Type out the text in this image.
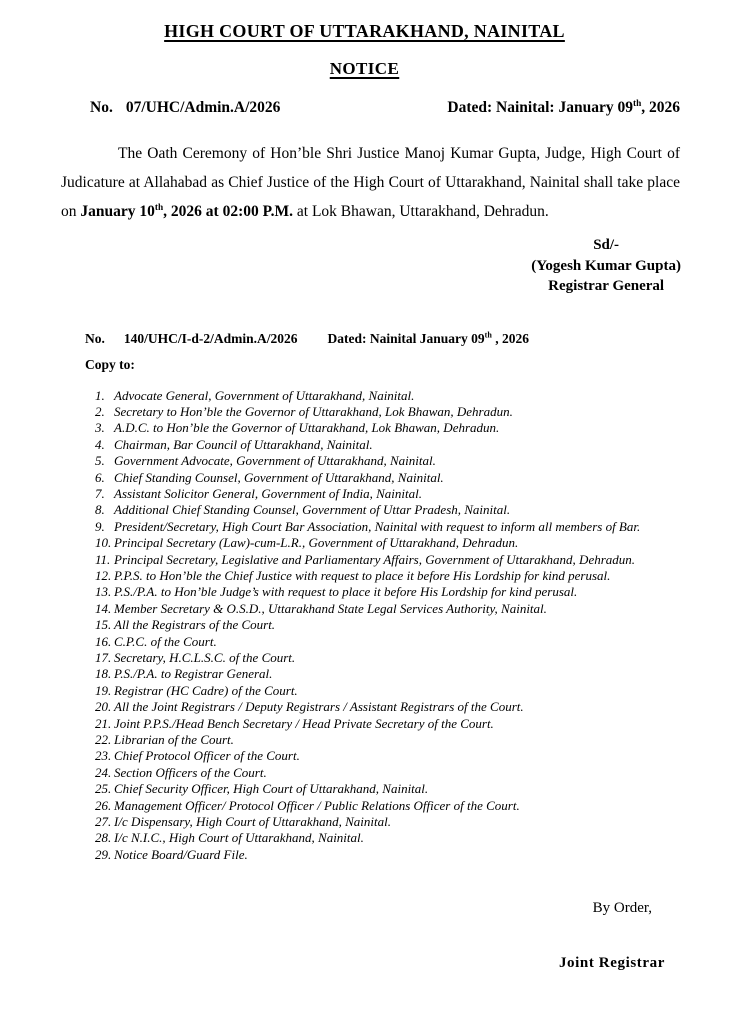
HIGH COURT OF UTTARAKHAND, NAINITAL
NOTICE
No. 07/UHC/Admin.A/2026	Dated: Nainital: January 09th, 2026

The Oath Ceremony of Hon’ble Shri Justice Manoj Kumar Gupta, Judge, High Court of Judicature at Allahabad as Chief Justice of the High Court of Uttarakhand, Nainital shall take place on January 10th, 2026 at 02:00 P.M. at Lok Bhawan, Uttarakhand, Dehradun.

Sd/-
(Yogesh Kumar Gupta)
Registrar General
No. 140/UHC/I-d-2/Admin.A/2026 Dated: Nainital January 09th , 2026
Copy to:
1. Advocate General, Government of Uttarakhand, Nainital.
2. Secretary to Hon’ble the Governor of Uttarakhand, Lok Bhawan, Dehradun.
3. A.D.C. to Hon’ble the Governor of Uttarakhand, Lok Bhawan, Dehradun.
4. Chairman, Bar Council of Uttarakhand, Nainital.
5. Government Advocate, Government of Uttarakhand, Nainital.
6. Chief Standing Counsel, Government of Uttarakhand, Nainital.
7. Assistant Solicitor General, Government of India, Nainital.
8. Additional Chief Standing Counsel, Government of Uttar Pradesh, Nainital.
9. President/Secretary, High Court Bar Association, Nainital with request to inform all members of Bar.
10. Principal Secretary (Law)-cum-L.R., Government of Uttarakhand, Dehradun.
11. Principal Secretary, Legislative and Parliamentary Affairs, Government of Uttarakhand, Dehradun.
12. P.P.S. to Hon’ble the Chief Justice with request to place it before His Lordship for kind perusal.
13. P.S./P.A. to Hon’ble Judge’s with request to place it before His Lordship for kind perusal.
14. Member Secretary & O.S.D., Uttarakhand State Legal Services Authority, Nainital.
15. All the Registrars of the Court.
16. C.P.C. of the Court.
17. Secretary, H.C.L.S.C. of the Court.
18. P.S./P.A. to Registrar General.
19. Registrar (HC Cadre) of the Court.
20. All the Joint Registrars / Deputy Registrars / Assistant Registrars of the Court.
21. Joint P.P.S./Head Bench Secretary / Head Private Secretary of the Court.
22. Librarian of the Court.
23. Chief Protocol Officer of the Court.
24. Section Officers of the Court.
25. Chief Security Officer, High Court of Uttarakhand, Nainital.
26. Management Officer/ Protocol Officer / Public Relations Officer of the Court.
27. I/c Dispensary, High Court of Uttarakhand, Nainital.
28. I/c N.I.C., High Court of Uttarakhand, Nainital.
29. Notice Board/Guard File.
By Order,
Joint Registrar
